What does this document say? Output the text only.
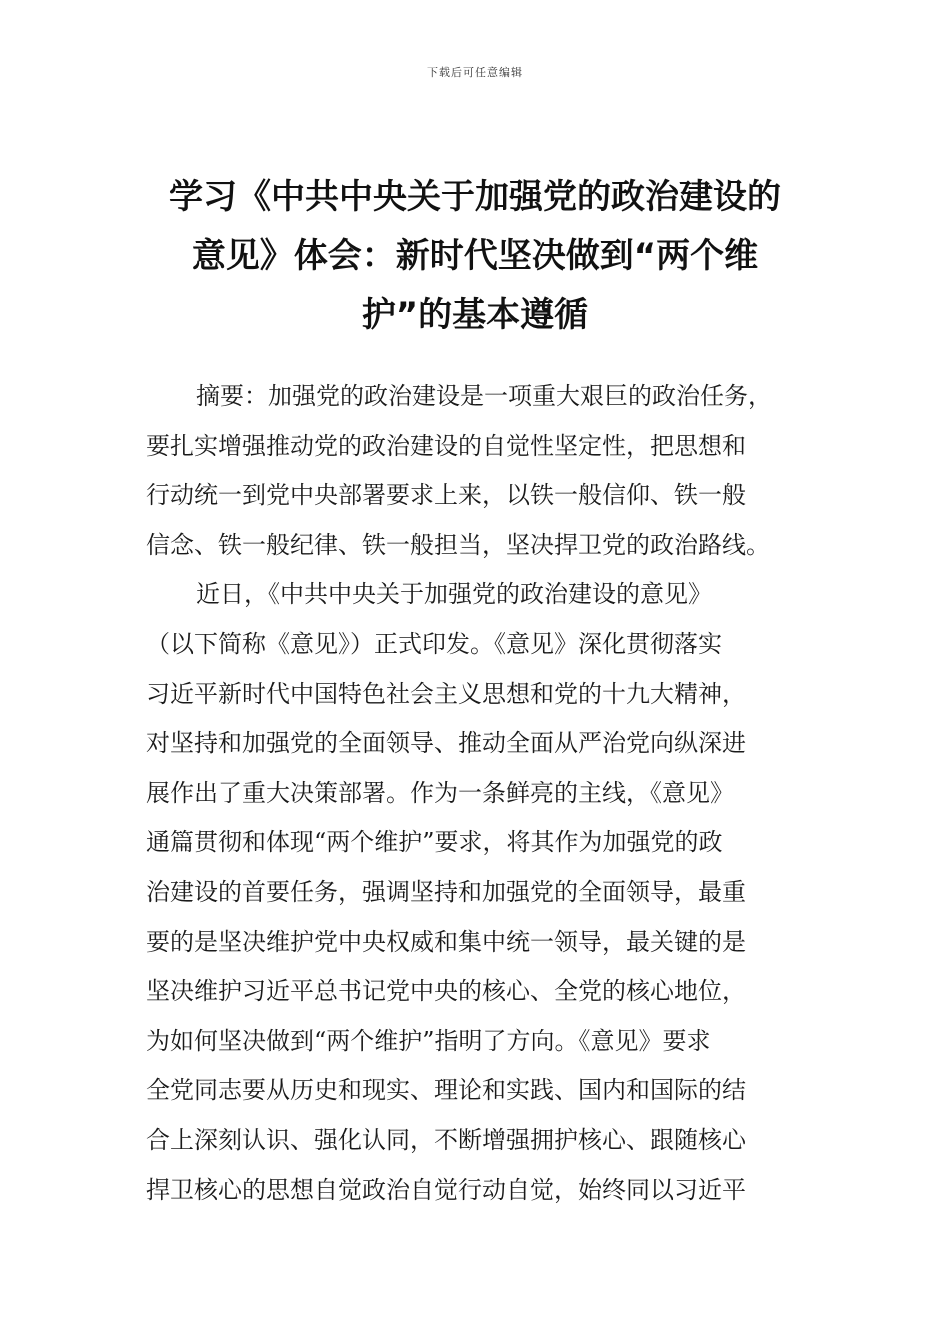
下载后可任意编辑
学习《中共中央关于加强党的政治建设的
意见》体会：新时代坚决做到“两个维
护”的基本遵循
摘要：加强党的政治建设是一项重大艰巨的政治任务，
要扎实增强推动党的政治建设的自觉性坚定性，把思想和
行动统一到党中央部署要求上来，以铁一般信仰、铁一般
信念、铁一般纪律、铁一般担当，坚决捍卫党的政治路线。
近日，《中共中央关于加强党的政治建设的意见》
（以下简称《意见》）正式印发。《意见》深化贯彻落实
习近平新时代中国特色社会主义思想和党的十九大精神，
对坚持和加强党的全面领导、推动全面从严治党向纵深进
展作出了重大决策部署。作为一条鲜亮的主线，《意见》
通篇贯彻和体现“两个维护”要求，将其作为加强党的政
治建设的首要任务，强调坚持和加强党的全面领导，最重
要的是坚决维护党中央权威和集中统一领导，最关键的是
坚决维护习近平总书记党中央的核心、全党的核心地位，
为如何坚决做到“两个维护”指明了方向。《意见》要求
全党同志要从历史和现实、理论和实践、国内和国际的结
合上深刻认识、强化认同，不断增强拥护核心、跟随核心
捍卫核心的思想自觉政治自觉行动自觉，始终同以习近平
